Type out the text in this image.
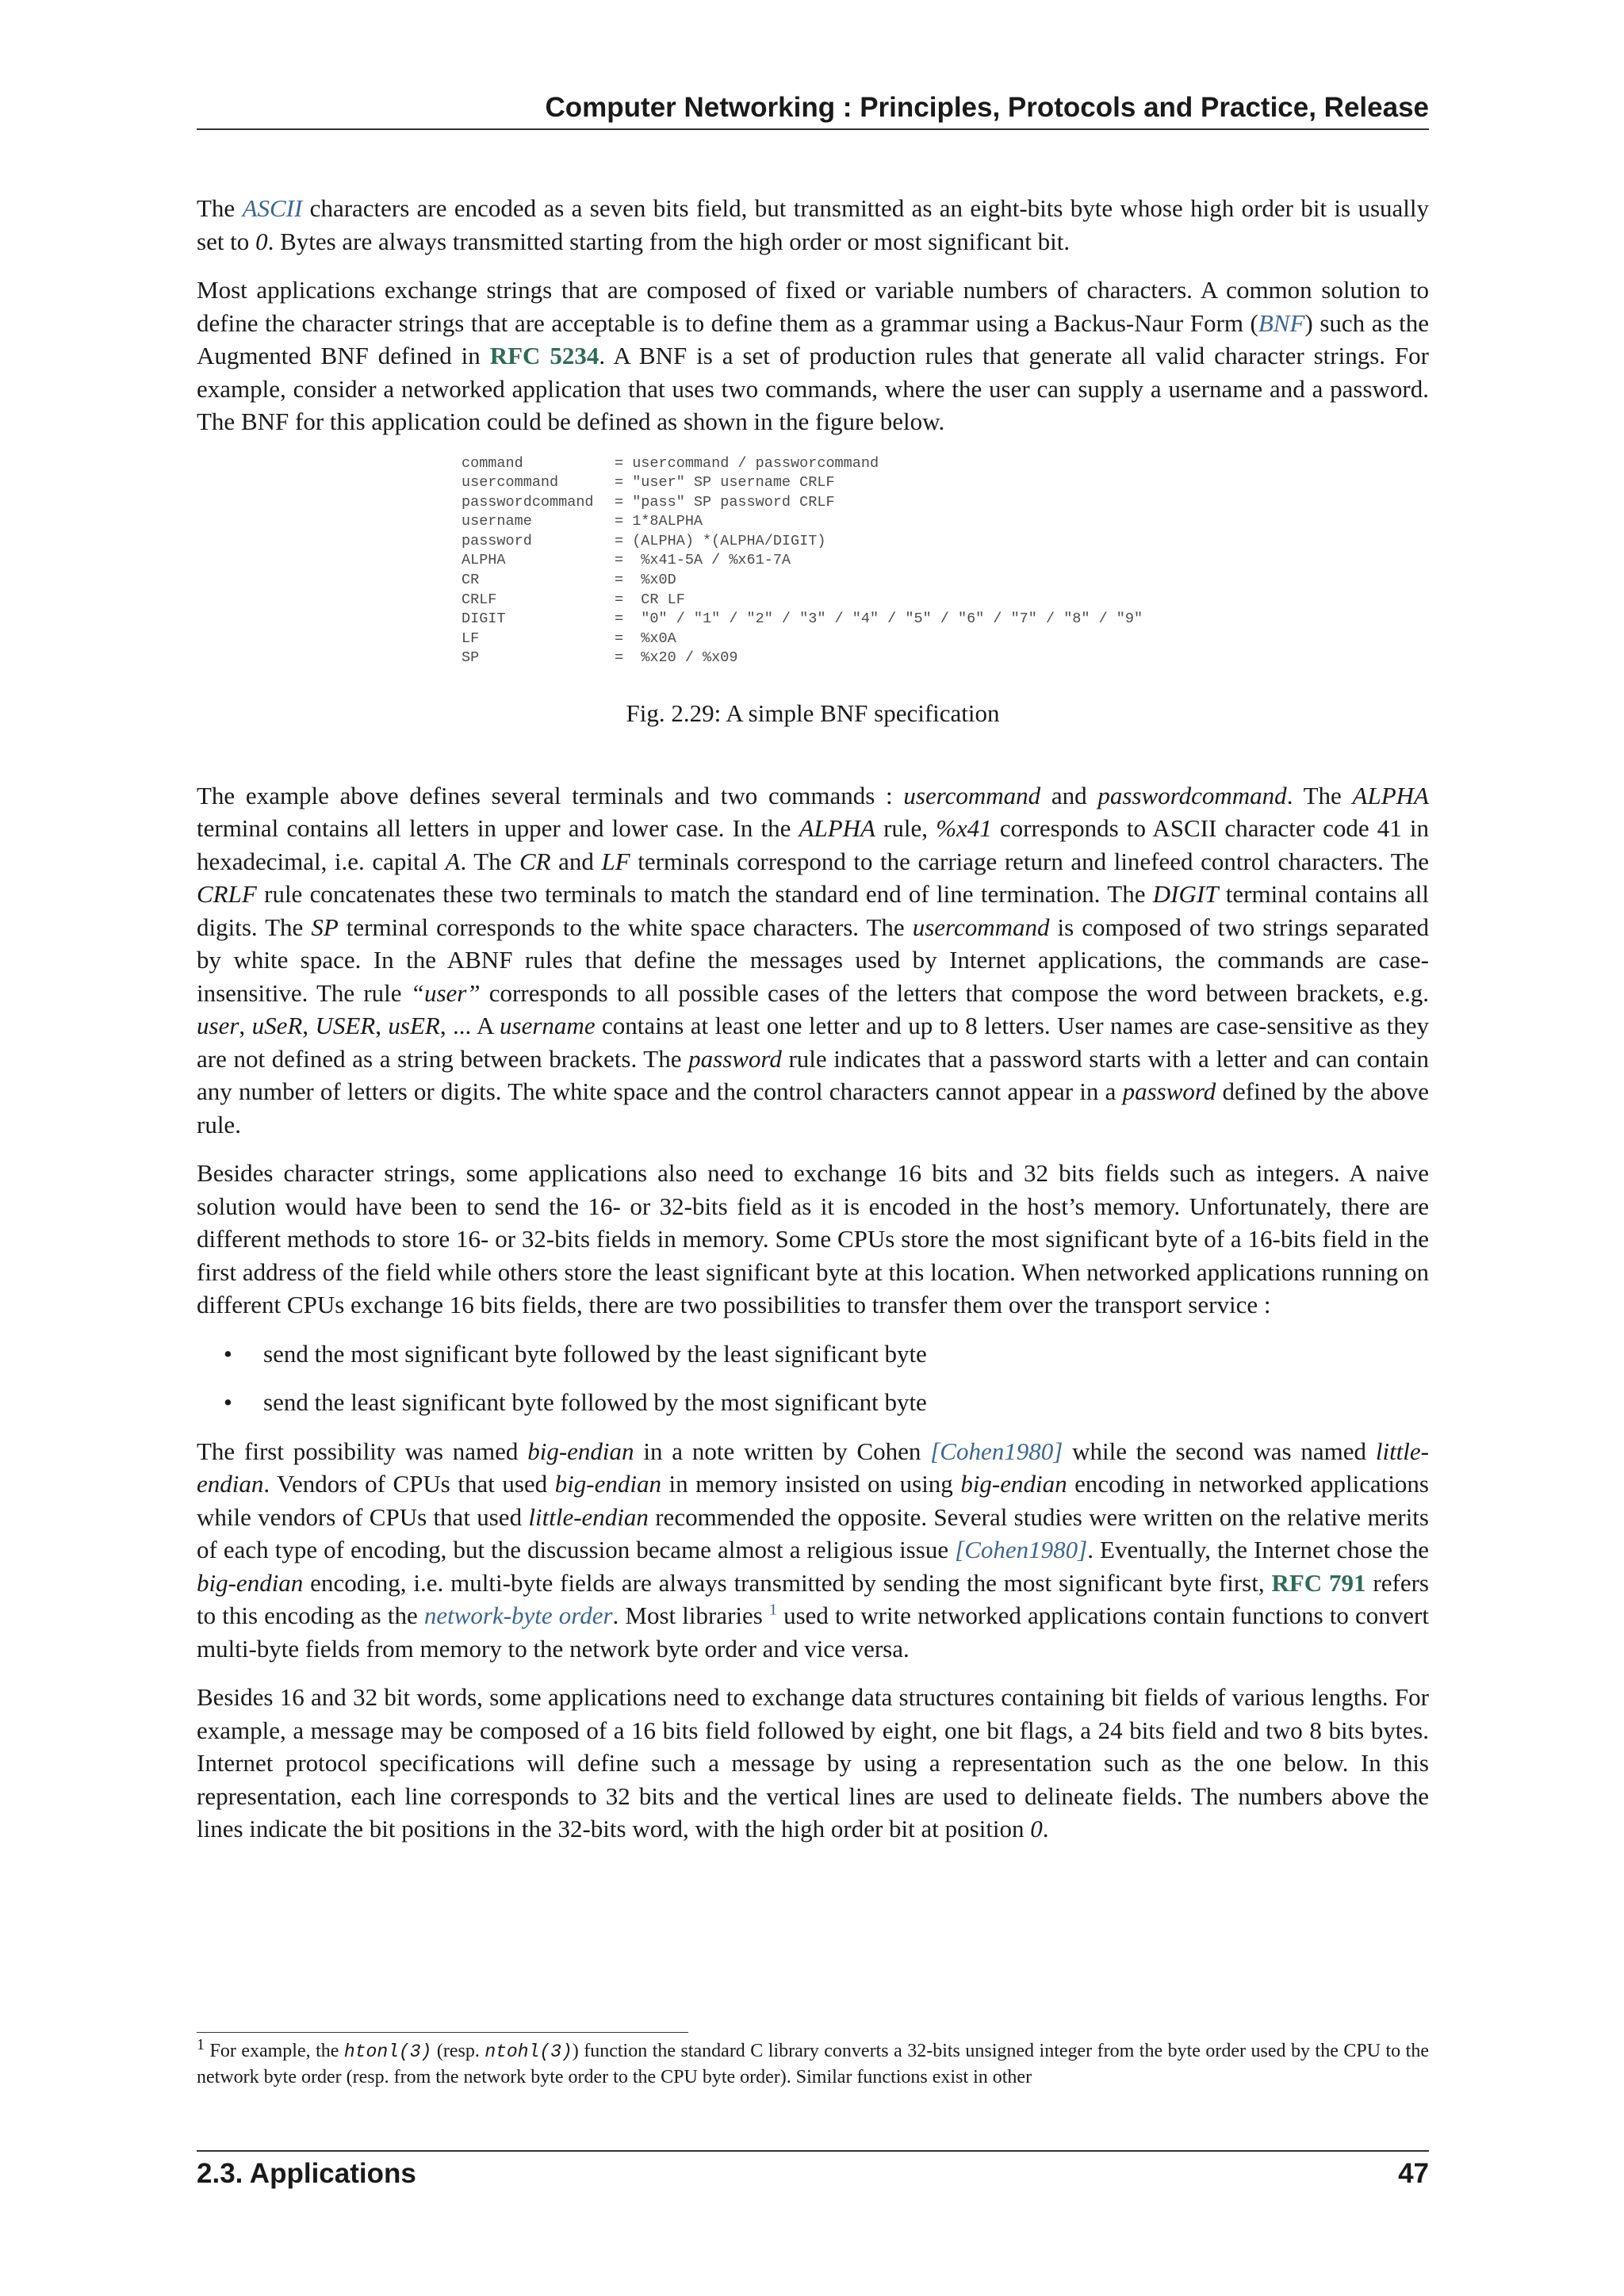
Computer Networking : Principles, Protocols and Practice, Release

The ASCII characters are encoded as a seven bits field, but transmitted as an eight-bits byte whose high order bit is usually set to 0. Bytes are always transmitted starting from the high order or most significant bit.

Most applications exchange strings that are composed of fixed or variable numbers of characters. A common solution to define the character strings that are acceptable is to define them as a grammar using a Backus-Naur Form (BNF) such as the Augmented BNF defined in RFC 5234. A BNF is a set of production rules that generate all valid character strings. For example, consider a networked application that uses two commands, where the user can supply a username and a password. The BNF for this application could be defined as shown in the figure below.

command	= usercommand / passworcommand
usercommand	= "user" SP username CRLF
passwordcommand = "pass" SP password CRLF
username	= 1*8ALPHA
password	= (ALPHA) *(ALPHA/DIGIT)
ALPHA	=  %x41-5A / %x61-7A
CR	=  %x0D
CRLF	=  CR LF
DIGIT	=  "0" / "1" / "2" / "3" / "4" / "5" / "6" / "7" / "8" / "9"
LF	=  %x0A
SP	=  %x20 / %x09
Fig. 2.29: A simple BNF specification

The example above defines several terminals and two commands : usercommand and passwordcommand. The ALPHA terminal contains all letters in upper and lower case. In the ALPHA rule, %x41 corresponds to ASCII character code 41 in hexadecimal, i.e. capital A. The CR and LF terminals correspond to the carriage return and linefeed control characters. The CRLF rule concatenates these two terminals to match the standard end of line termination. The DIGIT terminal contains all digits. The SP terminal corresponds to the white space characters. The usercommand is composed of two strings separated by white space. In the ABNF rules that define the messages used by Internet applications, the commands are case-insensitive. The rule “user” corresponds to all possible cases of the letters that compose the word between brackets, e.g. user, uSeR, USER, usER, ... A username contains at least one letter and up to 8 letters. User names are case-sensitive as they are not defined as a string between brackets. The password rule indicates that a password starts with a letter and can contain any number of letters or digits. The white space and the control characters cannot appear in a password defined by the above rule.

Besides character strings, some applications also need to exchange 16 bits and 32 bits fields such as integers. A naive solution would have been to send the 16- or 32-bits field as it is encoded in the host’s memory. Unfortunately, there are different methods to store 16- or 32-bits fields in memory. Some CPUs store the most significant byte of a 16-bits field in the first address of the field while others store the least significant byte at this location. When networked applications running on different CPUs exchange 16 bits fields, there are two possibilities to transfer them over the transport service :

• send the most significant byte followed by the least significant byte
• send the least significant byte followed by the most significant byte

The first possibility was named big-endian in a note written by Cohen [Cohen1980] while the second was named little-endian. Vendors of CPUs that used big-endian in memory insisted on using big-endian encoding in networked applications while vendors of CPUs that used little-endian recommended the opposite. Several studies were written on the relative merits of each type of encoding, but the discussion became almost a religious issue [Cohen1980]. Eventually, the Internet chose the big-endian encoding, i.e. multi-byte fields are always transmitted by sending the most significant byte first, RFC 791 refers to this encoding as the network-byte order. Most libraries $^1$ used to write networked applications contain functions to convert multi-byte fields from memory to the network byte order and vice versa.

Besides 16 and 32 bit words, some applications need to exchange data structures containing bit fields of various lengths. For example, a message may be composed of a 16 bits field followed by eight, one bit flags, a 24 bits field and two 8 bits bytes. Internet protocol specifications will define such a message by using a representation such as the one below. In this representation, each line corresponds to 32 bits and the vertical lines are used to delineate fields. The numbers above the lines indicate the bit positions in the 32-bits word, with the high order bit at position 0.

$^1$ For example, the htonl(3) (resp. ntohl(3)) function the standard C library converts a 32-bits unsigned integer from the byte order used by the CPU to the network byte order (resp. from the network byte order to the CPU byte order). Similar functions exist in other
2.3. Applications	47
